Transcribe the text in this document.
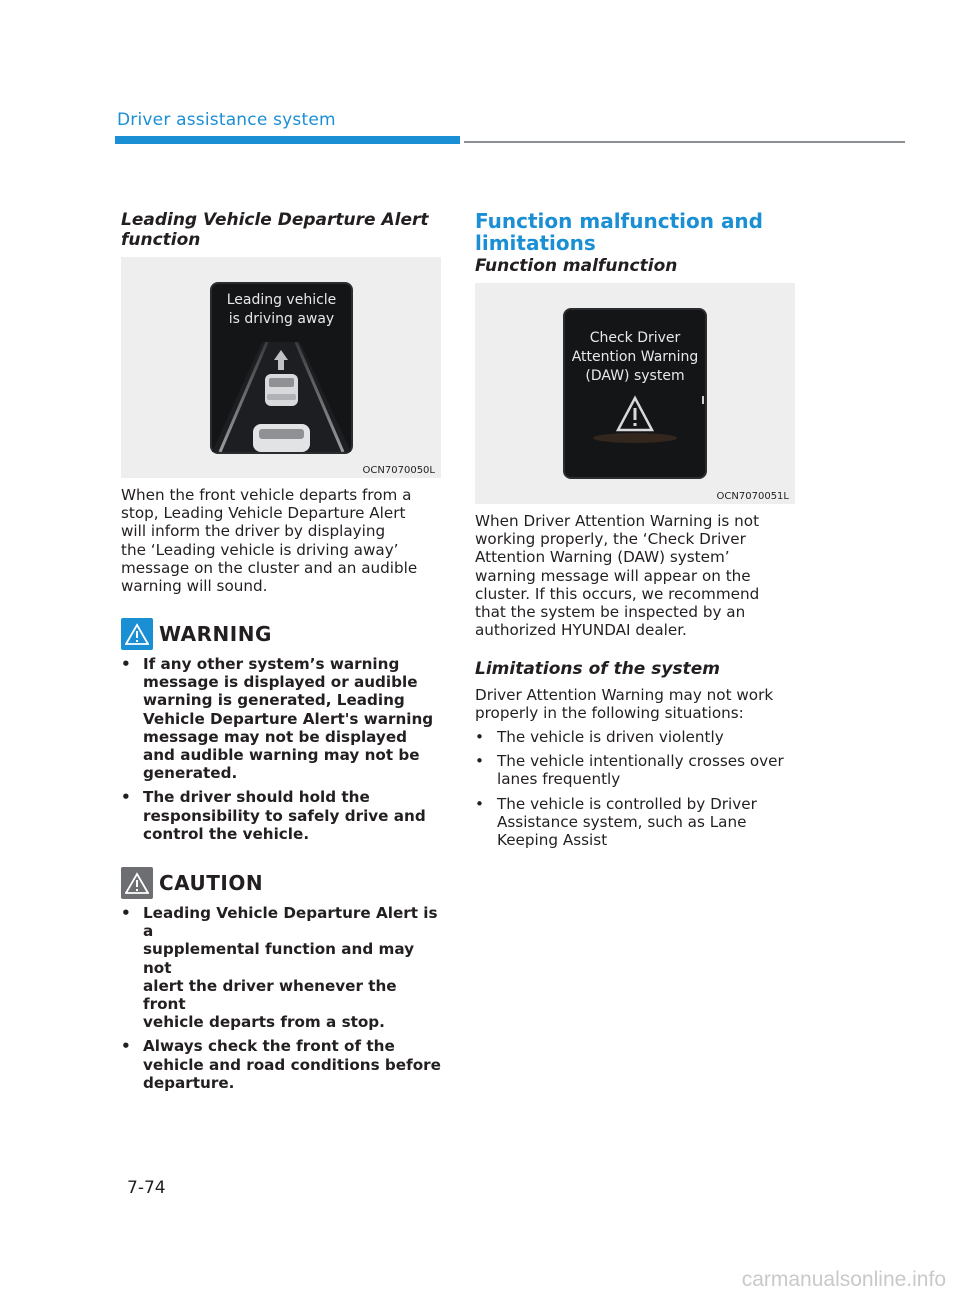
Driver assistance system
Leading Vehicle Departure Alert
function
Leading vehicle
is driving away
OCN7070050L

When the front vehicle departs from a
stop, Leading Vehicle Departure Alert
will inform the driver by displaying
the ‘Leading vehicle is driving away’
message on the cluster and an audible
warning will sound.

WARNING
• If any other system’s warning
message is displayed or audible
warning is generated, Leading
Vehicle Departure Alert's warning
message may not be displayed
and audible warning may not be
generated.
• The driver should hold the
responsibility to safely drive and
control the vehicle.
CAUTION
• Leading Vehicle Departure Alert is a
supplemental function and may not
alert the driver whenever the front
vehicle departs from a stop.
• Always check the front of the
vehicle and road conditions before
departure.
Function malfunction and
limitations
Function malfunction
Check Driver
Attention Warning
(DAW) system
OCN7070051L

When Driver Attention Warning is not
working properly, the ‘Check Driver
Attention Warning (DAW) system’
warning message will appear on the
cluster. If this occurs, we recommend
that the system be inspected by an
authorized HYUNDAI dealer.

Limitations of the system

Driver Attention Warning may not work
properly in the following situations:

• The vehicle is driven violently
• The vehicle intentionally crosses over
lanes frequently
• The vehicle is controlled by Driver
Assistance system, such as Lane
Keeping Assist
7-74
carmanualsonline.info
